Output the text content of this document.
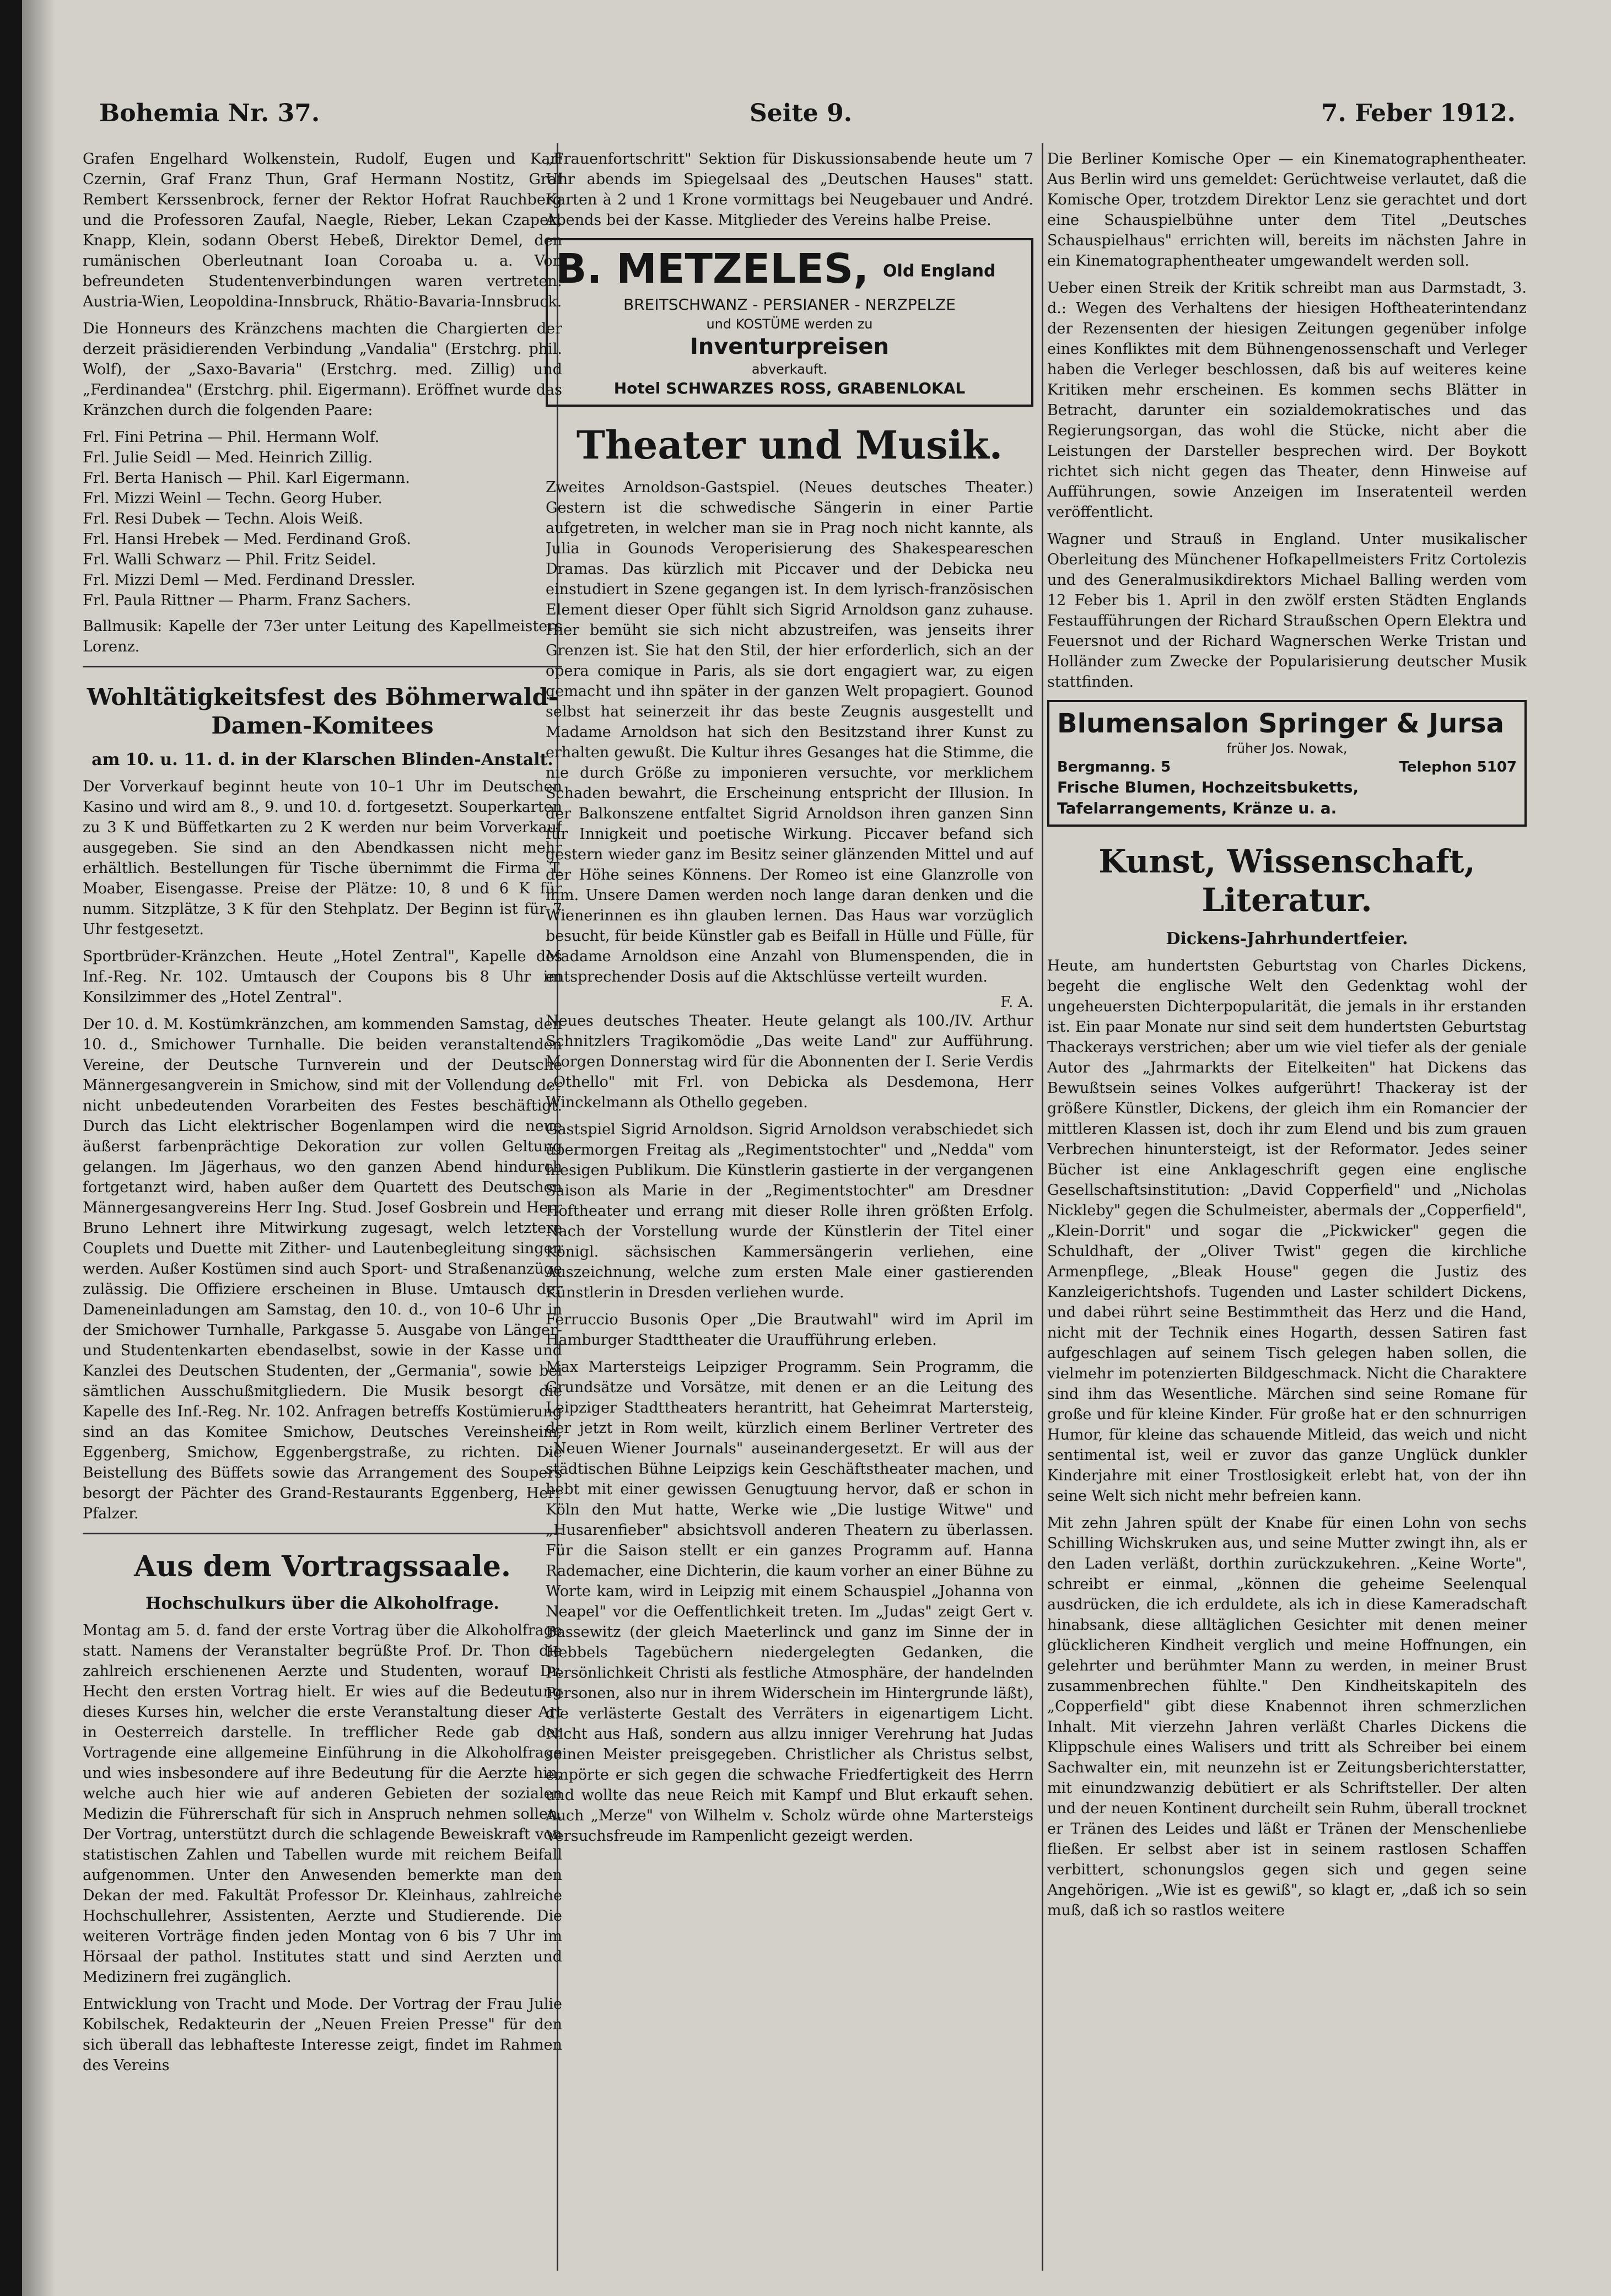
Bohemia Nr. 37.	Seite 9.	7. Feber 1912.

Grafen Engelhard Wolkenstein, Rudolf, Eugen und Karl Czernin, Graf Franz Thun, Graf Hermann Nostitz, Graf Rembert Kerssenbrock, ferner der Rektor Hofrat Rauchberg und die Professoren Zaufal, Naegle, Rieber, Lekan Czapek, Knapp, Klein, sodann Oberst Hebeß, Direktor Demel, den rumänischen Oberleutnant Ioan Coroaba u. a. Von befreundeten Studentenverbindungen waren vertreten: Austria-Wien, Leopoldina-Innsbruck, Rhätio-Bavaria-Innsbruck.

Die Honneurs des Kränzchens machten die Chargierten der derzeit präsidierenden Verbindung „Vandalia" (Erstchrg. phil. Wolf), der „Saxo-Bavaria" (Erstchrg. med. Zillig) und „Ferdinandea" (Erstchrg. phil. Eigermann). Eröffnet wurde das Kränzchen durch die folgenden Paare:

Frl. Fini Petrina — Phil. Hermann Wolf.
Frl. Julie Seidl — Med. Heinrich Zillig.
Frl. Berta Hanisch — Phil. Karl Eigermann.
Frl. Mizzi Weinl — Techn. Georg Huber.
Frl. Resi Dubek — Techn. Alois Weiß.
Frl. Hansi Hrebek — Med. Ferdinand Groß.
Frl. Walli Schwarz — Phil. Fritz Seidel.
Frl. Mizzi Deml — Med. Ferdinand Dressler.
Frl. Paula Rittner — Pharm. Franz Sachers.

Ballmusik: Kapelle der 73er unter Leitung des Kapellmeisters Lorenz.

Wohltätigkeitsfest des Böhmerwald-Damen-Komitees
am 10. u. 11. d. in der Klarschen Blinden-Anstalt.

Der Vorverkauf beginnt heute von 10–1 Uhr im Deutschen Kasino und wird am 8., 9. und 10. d. fortgesetzt. Souperkarten zu 3 K und Büffetkarten zu 2 K werden nur beim Vorverkauf ausgegeben. Sie sind an den Abendkassen nicht mehr erhältlich. Bestellungen für Tische übernimmt die Firma T. Moaber, Eisengasse. Preise der Plätze: 10, 8 und 6 K für numm. Sitzplätze, 3 K für den Stehplatz. Der Beginn ist für 7 Uhr festgesetzt.

Sportbrüder-Kränzchen. Heute „Hotel Zentral", Kapelle des Inf.-Reg. Nr. 102. Umtausch der Coupons bis 8 Uhr im Konsilzimmer des „Hotel Zentral".

Der 10. d. M. Kostümkränzchen, am kommenden Samstag, den 10. d., Smichower Turnhalle. Die beiden veranstaltenden Vereine, der Deutsche Turnverein und der Deutsche Männergesangverein in Smichow, sind mit der Vollendung der nicht unbedeutenden Vorarbeiten des Festes beschäftigt. Durch das Licht elektrischer Bogenlampen wird die neue äußerst farbenprächtige Dekoration zur vollen Geltung gelangen. Im Jägerhaus, wo den ganzen Abend hindurch fortgetanzt wird, haben außer dem Quartett des Deutschen Männergesangvereins Herr Ing. Stud. Josef Gosbrein und Herr Bruno Lehnert ihre Mitwirkung zugesagt, welch letztere Couplets und Duette mit Zither- und Lautenbegleitung singen werden. Außer Kostümen sind auch Sport- und Straßenanzüge zulässig. Die Offiziere erscheinen in Bluse. Umtausch der Dameneinladungen am Samstag, den 10. d., von 10–6 Uhr in der Smichower Turnhalle, Parkgasse 5. Ausgabe von Länger- und Studentenkarten ebendaselbst, sowie in der Kasse und Kanzlei des Deutschen Studenten, der „Germania", sowie bei sämtlichen Ausschußmitgliedern. Die Musik besorgt die Kapelle des Inf.-Reg. Nr. 102. Anfragen betreffs Kostümierung sind an das Komitee Smichow, Deutsches Vereinsheim, Eggenberg, Smichow, Eggenbergstraße, zu richten. Die Beistellung des Büffets sowie das Arrangement des Soupers besorgt der Pächter des Grand-Restaurants Eggenberg, Herr Pfalzer.

Aus dem Vortragssaale.
Hochschulkurs über die Alkoholfrage.

Montag am 5. d. fand der erste Vortrag über die Alkoholfrage statt. Namens der Veranstalter begrüßte Prof. Dr. Thon die zahlreich erschienenen Aerzte und Studenten, worauf Dr. Hecht den ersten Vortrag hielt. Er wies auf die Bedeutung dieses Kurses hin, welcher die erste Veranstaltung dieser Art in Oesterreich darstelle. In trefflicher Rede gab der Vortragende eine allgemeine Einführung in die Alkoholfrage und wies insbesondere auf ihre Bedeutung für die Aerzte hin, welche auch hier wie auf anderen Gebieten der sozialen Medizin die Führerschaft für sich in Anspruch nehmen sollen. Der Vortrag, unterstützt durch die schlagende Beweiskraft von statistischen Zahlen und Tabellen wurde mit reichem Beifall aufgenommen. Unter den Anwesenden bemerkte man den Dekan der med. Fakultät Professor Dr. Kleinhaus, zahlreiche Hochschullehrer, Assistenten, Aerzte und Studierende. Die weiteren Vorträge finden jeden Montag von 6 bis 7 Uhr im Hörsaal der pathol. Institutes statt und sind Aerzten und Medizinern frei zugänglich.

Entwicklung von Tracht und Mode. Der Vortrag der Frau Julie Kobilschek, Redakteurin der „Neuen Freien Presse" für den sich überall das lebhafteste Interesse zeigt, findet im Rahmen des Vereins

„Frauenfortschritt" Sektion für Diskussionsabende heute um 7 Uhr abends im Spiegelsaal des „Deutschen Hauses" statt. Karten à 2 und 1 Krone vormittags bei Neugebauer und André. Abends bei der Kasse. Mitglieder des Vereins halbe Preise.

B. METZELES, Old England
BREITSCHWANZ - PERSIANER - NERZPELZE
und KOSTÜME werden zu
Inventurpreisen
abverkauft.
Hotel SCHWARZES ROSS, GRABENLOKAL
Theater und Musik.

Zweites Arnoldson-Gastspiel. (Neues deutsches Theater.) Gestern ist die schwedische Sängerin in einer Partie aufgetreten, in welcher man sie in Prag noch nicht kannte, als Julia in Gounods Veroperisierung des Shakespeareschen Dramas. Das kürzlich mit Piccaver und der Debicka neu einstudiert in Szene gegangen ist. In dem lyrisch-französischen Element dieser Oper fühlt sich Sigrid Arnoldson ganz zuhause. Hier bemüht sie sich nicht abzustreifen, was jenseits ihrer Grenzen ist. Sie hat den Stil, der hier erforderlich, sich an der opera comique in Paris, als sie dort engagiert war, zu eigen gemacht und ihn später in der ganzen Welt propagiert. Gounod selbst hat seinerzeit ihr das beste Zeugnis ausgestellt und Madame Arnoldson hat sich den Besitzstand ihrer Kunst zu erhalten gewußt. Die Kultur ihres Gesanges hat die Stimme, die nie durch Größe zu imponieren versuchte, vor merklichem Schaden bewahrt, die Erscheinung entspricht der Illusion. In der Balkonszene entfaltet Sigrid Arnoldson ihren ganzen Sinn für Innigkeit und poetische Wirkung. Piccaver befand sich gestern wieder ganz im Besitz seiner glänzenden Mittel und auf der Höhe seines Könnens. Der Romeo ist eine Glanzrolle von ihm. Unsere Damen werden noch lange daran denken und die Wienerinnen es ihn glauben lernen. Das Haus war vorzüglich besucht, für beide Künstler gab es Beifall in Hülle und Fülle, für Madame Arnoldson eine Anzahl von Blumenspenden, die in entsprechender Dosis auf die Aktschlüsse verteilt wurden.

F. A.

Neues deutsches Theater. Heute gelangt als 100./IV. Arthur Schnitzlers Tragikomödie „Das weite Land" zur Aufführung. Morgen Donnerstag wird für die Abonnenten der I. Serie Verdis „Othello" mit Frl. von Debicka als Desdemona, Herr Winckelmann als Othello gegeben.

Gastspiel Sigrid Arnoldson. Sigrid Arnoldson verabschiedet sich übermorgen Freitag als „Regimentstochter" und „Nedda" vom hiesigen Publikum. Die Künstlerin gastierte in der vergangenen Saison als Marie in der „Regimentstochter" am Dresdner Hoftheater und errang mit dieser Rolle ihren größten Erfolg. Nach der Vorstellung wurde der Künstlerin der Titel einer Königl. sächsischen Kammersängerin verliehen, eine Auszeichnung, welche zum ersten Male einer gastierenden Künstlerin in Dresden verliehen wurde.

Ferruccio Busonis Oper „Die Brautwahl" wird im April im Hamburger Stadttheater die Uraufführung erleben.

Max Martersteigs Leipziger Programm. Sein Programm, die Grundsätze und Vorsätze, mit denen er an die Leitung des Leipziger Stadttheaters herantritt, hat Geheimrat Martersteig, der jetzt in Rom weilt, kürzlich einem Berliner Vertreter des „Neuen Wiener Journals" auseinandergesetzt. Er will aus der städtischen Bühne Leipzigs kein Geschäftstheater machen, und hebt mit einer gewissen Genugtuung hervor, daß er schon in Köln den Mut hatte, Werke wie „Die lustige Witwe" und „Husarenfieber" absichtsvoll anderen Theatern zu überlassen. Für die Saison stellt er ein ganzes Programm auf. Hanna Rademacher, eine Dichterin, die kaum vorher an einer Bühne zu Worte kam, wird in Leipzig mit einem Schauspiel „Johanna von Neapel" vor die Oeffentlichkeit treten. Im „Judas" zeigt Gert v. Bassewitz (der gleich Maeterlinck und ganz im Sinne der in Hebbels Tagebüchern niedergelegten Gedanken, die Persönlichkeit Christi als festliche Atmosphäre, der handelnden Personen, also nur in ihrem Widerschein im Hintergrunde läßt), die verlästerte Gestalt des Verräters in eigenartigem Licht. Nicht aus Haß, sondern aus allzu inniger Verehrung hat Judas seinen Meister preisgegeben. Christlicher als Christus selbst, empörte er sich gegen die schwache Friedfertigkeit des Herrn und wollte das neue Reich mit Kampf und Blut erkauft sehen. Auch „Merze" von Wilhelm v. Scholz würde ohne Martersteigs Versuchsfreude im Rampenlicht gezeigt werden.

Die Berliner Komische Oper — ein Kinematographentheater. Aus Berlin wird uns gemeldet: Gerüchtweise verlautet, daß die Komische Oper, trotzdem Direktor Lenz sie gerachtet und dort eine Schauspielbühne unter dem Titel „Deutsches Schauspielhaus" errichten will, bereits im nächsten Jahre in ein Kinematographentheater umgewandelt werden soll.

Ueber einen Streik der Kritik schreibt man aus Darmstadt, 3. d.: Wegen des Verhaltens der hiesigen Hoftheaterintendanz der Rezensenten der hiesigen Zeitungen gegenüber infolge eines Konfliktes mit dem Bühnengenossenschaft und Verleger haben die Verleger beschlossen, daß bis auf weiteres keine Kritiken mehr erscheinen. Es kommen sechs Blätter in Betracht, darunter ein sozialdemokratisches und das Regierungsorgan, das wohl die Stücke, nicht aber die Leistungen der Darsteller besprechen wird. Der Boykott richtet sich nicht gegen das Theater, denn Hinweise auf Aufführungen, sowie Anzeigen im Inseratenteil werden veröffentlicht.

Wagner und Strauß in England. Unter musikalischer Oberleitung des Münchener Hofkapellmeisters Fritz Cortolezis und des Generalmusikdirektors Michael Balling werden vom 12 Feber bis 1. April in den zwölf ersten Städten Englands Festaufführungen der Richard Straußschen Opern Elektra und Feuersnot und der Richard Wagnerschen Werke Tristan und Holländer zum Zwecke der Popularisierung deutscher Musik stattfinden.

Blumensalon Springer & Jursa
früher Jos. Nowak,
Bergmanng. 5	Telephon 5107
Frische Blumen, Hochzeitsbuketts, Tafelarrangements, Kränze u. a.
Kunst, Wissenschaft, Literatur.
Dickens-Jahrhundertfeier.

Heute, am hundertsten Geburtstag von Charles Dickens, begeht die englische Welt den Gedenktag wohl der ungeheuersten Dichterpopularität, die jemals in ihr erstanden ist. Ein paar Monate nur sind seit dem hundertsten Geburtstag Thackerays verstrichen; aber um wie viel tiefer als der geniale Autor des „Jahrmarkts der Eitelkeiten" hat Dickens das Bewußtsein seines Volkes aufgerührt! Thackeray ist der größere Künstler, Dickens, der gleich ihm ein Romancier der mittleren Klassen ist, doch ihr zum Elend und bis zum grauen Verbrechen hinuntersteigt, ist der Reformator. Jedes seiner Bücher ist eine Anklageschrift gegen eine englische Gesellschaftsinstitution: „David Copperfield" und „Nicholas Nickleby" gegen die Schulmeister, abermals der „Copperfield", „Klein-Dorrit" und sogar die „Pickwicker" gegen die Schuldhaft, der „Oliver Twist" gegen die kirchliche Armenpflege, „Bleak House" gegen die Justiz des Kanzleigerichtshofs. Tugenden und Laster schildert Dickens, und dabei rührt seine Bestimmtheit das Herz und die Hand, nicht mit der Technik eines Hogarth, dessen Satiren fast aufgeschlagen auf seinem Tisch gelegen haben sollen, die vielmehr im potenzierten Bildgeschmack. Nicht die Charaktere sind ihm das Wesentliche. Märchen sind seine Romane für große und für kleine Kinder. Für große hat er den schnurrigen Humor, für kleine das schauende Mitleid, das weich und nicht sentimental ist, weil er zuvor das ganze Unglück dunkler Kinderjahre mit einer Trostlosigkeit erlebt hat, von der ihn seine Welt sich nicht mehr befreien kann.

Mit zehn Jahren spült der Knabe für einen Lohn von sechs Schilling Wichskruken aus, und seine Mutter zwingt ihn, als er den Laden verläßt, dorthin zurückzukehren. „Keine Worte", schreibt er einmal, „können die geheime Seelenqual ausdrücken, die ich erduldete, als ich in diese Kameradschaft hinabsank, diese alltäglichen Gesichter mit denen meiner glücklicheren Kindheit verglich und meine Hoffnungen, ein gelehrter und berühmter Mann zu werden, in meiner Brust zusammenbrechen fühlte." Den Kindheitskapiteln des „Copperfield" gibt diese Knabennot ihren schmerzlichen Inhalt. Mit vierzehn Jahren verläßt Charles Dickens die Klippschule eines Walisers und tritt als Schreiber bei einem Sachwalter ein, mit neunzehn ist er Zeitungsberichterstatter, mit einundzwanzig debütiert er als Schriftsteller. Der alten und der neuen Kontinent durcheilt sein Ruhm, überall trocknet er Tränen des Leides und läßt er Tränen der Menschenliebe fließen. Er selbst aber ist in seinem rastlosen Schaffen verbittert, schonungslos gegen sich und gegen seine Angehörigen. „Wie ist es gewiß", so klagt er, „daß ich so sein muß, daß ich so rastlos weitere
